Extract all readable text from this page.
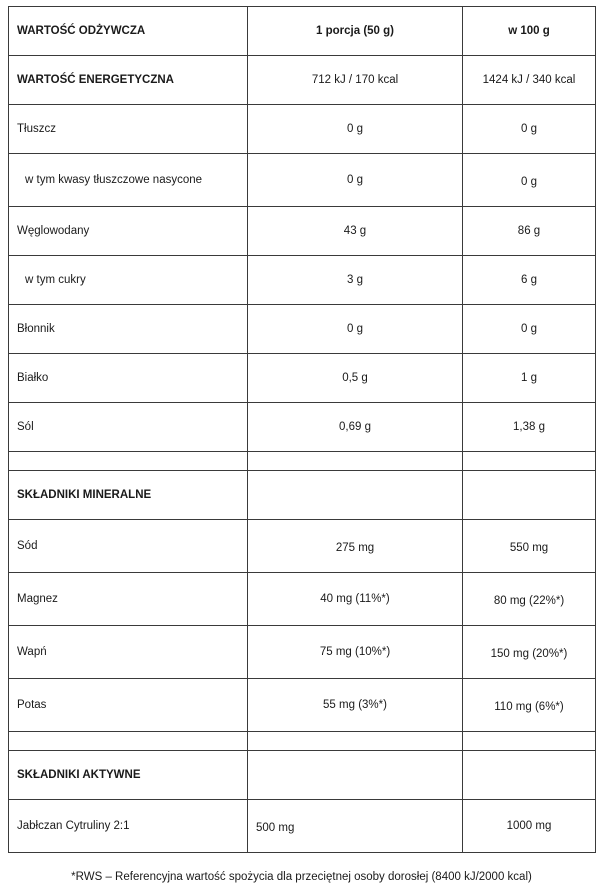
WARTOŚĆ ODŻYWCZA	1 porcja (50 g)	w 100 g
WARTOŚĆ ENERGETYCZNA	712 kJ / 170 kcal	1424 kJ / 340 kcal
Tłuszcz	0 g	0 g
w tym kwasy tłuszczowe nasycone	0 g	0 g
Węglowodany	43 g	86 g
w tym cukry	3 g	6 g
Błonnik	0 g	0 g
Białko	0,5 g	1 g
Sól	0,69 g	1,38 g

SKŁADNIKI MINERALNE		
Sód	275 mg	550 mg
Magnez	40 mg (11%*)	80 mg (22%*)
Wapń	75 mg (10%*)	150 mg (20%*)
Potas	55 mg (3%*)	110 mg (6%*)

SKŁADNIKI AKTYWNE		
Jabłczan Cytruliny 2:1	500 mg	1000 mg
*RWS – Referencyjna wartość spożycia dla przeciętnej osoby dorosłej (8400 kJ/2000 kcal)
